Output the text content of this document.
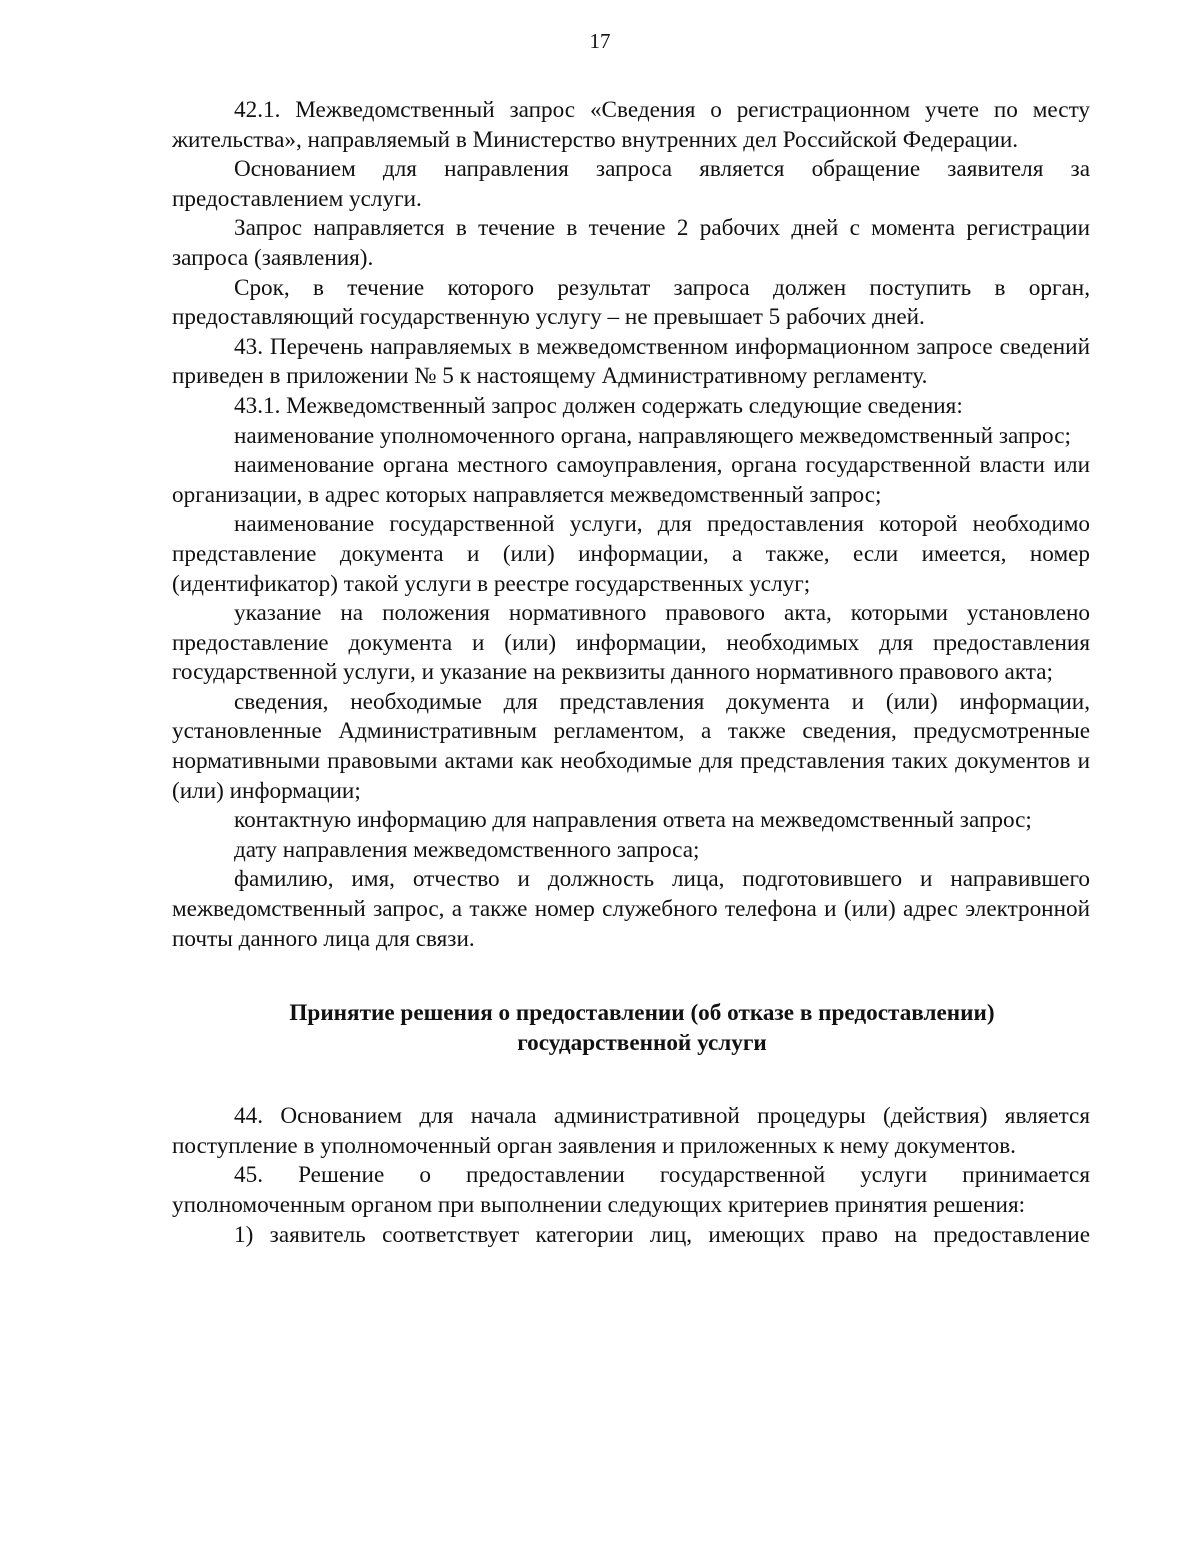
17

42.1. Межведомственный запрос «Сведения о регистрационном учете по месту жительства», направляемый в Министерство внутренних дел Российской Федерации.

Основанием для направления запроса является обращение заявителя за предоставлением услуги.

Запрос направляется в течение в течение 2 рабочих дней с момента регистрации запроса (заявления).

Срок, в течение которого результат запроса должен поступить в орган, предоставляющий государственную услугу – не превышает 5 рабочих дней.

43. Перечень направляемых в межведомственном информационном запросе сведений приведен в приложении № 5 к настоящему Административному регламенту.

43.1. Межведомственный запрос должен содержать следующие сведения:

наименование уполномоченного органа, направляющего межведомственный запрос;

наименование органа местного самоуправления, органа государственной власти или организации, в адрес которых направляется межведомственный запрос;

наименование государственной услуги, для предоставления которой необходимо представление документа и (или) информации, а также, если имеется, номер (идентификатор) такой услуги в реестре государственных услуг;

указание на положения нормативного правового акта, которыми установлено предоставление документа и (или) информации, необходимых для предоставления государственной услуги, и указание на реквизиты данного нормативного правового акта;

сведения, необходимые для представления документа и (или) информации, установленные Административным регламентом, а также сведения, предусмотренные нормативными правовыми актами как необходимые для представления таких документов и (или) информации;

контактную информацию для направления ответа на межведомственный запрос;

дату направления межведомственного запроса;

фамилию, имя, отчество и должность лица, подготовившего и направившего межведомственный запрос, а также номер служебного телефона и (или) адрес электронной почты данного лица для связи.

Принятие решения о предоставлении (об отказе в предоставлении)
государственной услуги

44. Основанием для начала административной процедуры (действия) является поступление в уполномоченный орган заявления и приложенных к нему документов.

45. Решение о предоставлении государственной услуги принимается уполномоченным органом при выполнении следующих критериев принятия решения:

1) заявитель соответствует категории лиц, имеющих право на предоставление
